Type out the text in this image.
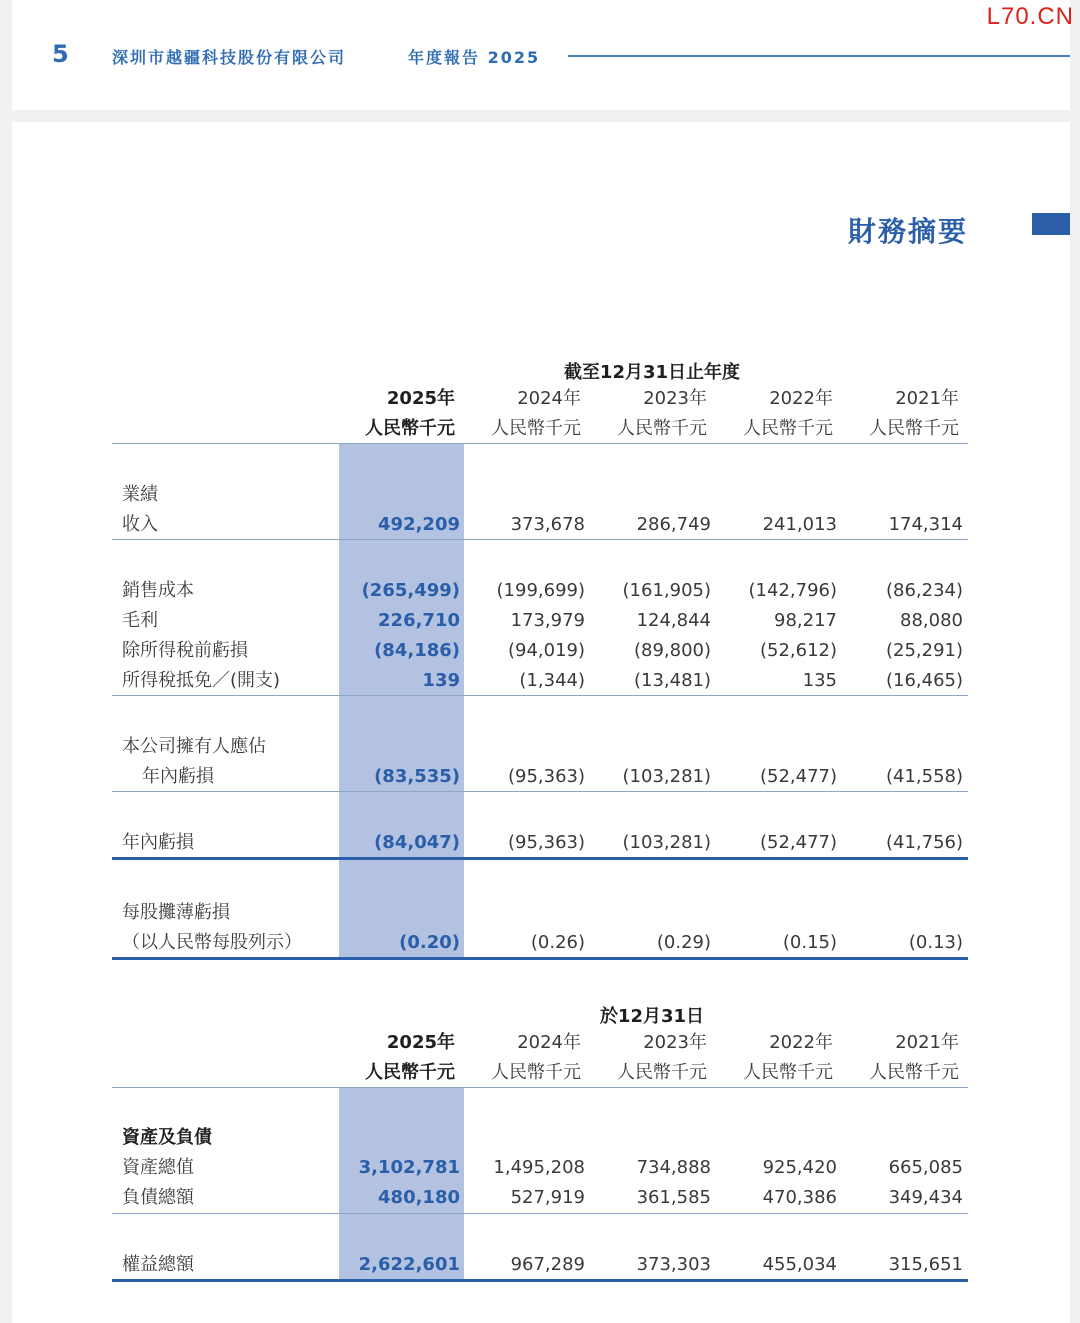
5	深圳市越疆科技股份有限公司	年度報告 2025
L70.CN
財務摘要
截至12月31日止年度
2025年	2024年	2023年	2022年	2021年
人民幣千元	人民幣千元	人民幣千元	人民幣千元	人民幣千元
業績
收入	492,209	373,678	286,749	241,013	174,314
銷售成本	(265,499)	(199,699)	(161,905)	(142,796)	(86,234)
毛利	226,710	173,979	124,844	98,217	88,080
除所得稅前虧損	(84,186)	(94,019)	(89,800)	(52,612)	(25,291)
所得稅抵免／(開支)	139	(1,344)	(13,481)	135	(16,465)
本公司擁有人應佔
年內虧損	(83,535)	(95,363)	(103,281)	(52,477)	(41,558)
年內虧損	(84,047)	(95,363)	(103,281)	(52,477)	(41,756)
每股攤薄虧損
（以人民幣每股列示）	(0.20)	(0.26)	(0.29)	(0.15)	(0.13)
於12月31日
2025年	2024年	2023年	2022年	2021年
人民幣千元	人民幣千元	人民幣千元	人民幣千元	人民幣千元
資產及負債
資產總值	3,102,781	1,495,208	734,888	925,420	665,085
負債總額	480,180	527,919	361,585	470,386	349,434
權益總額	2,622,601	967,289	373,303	455,034	315,651
